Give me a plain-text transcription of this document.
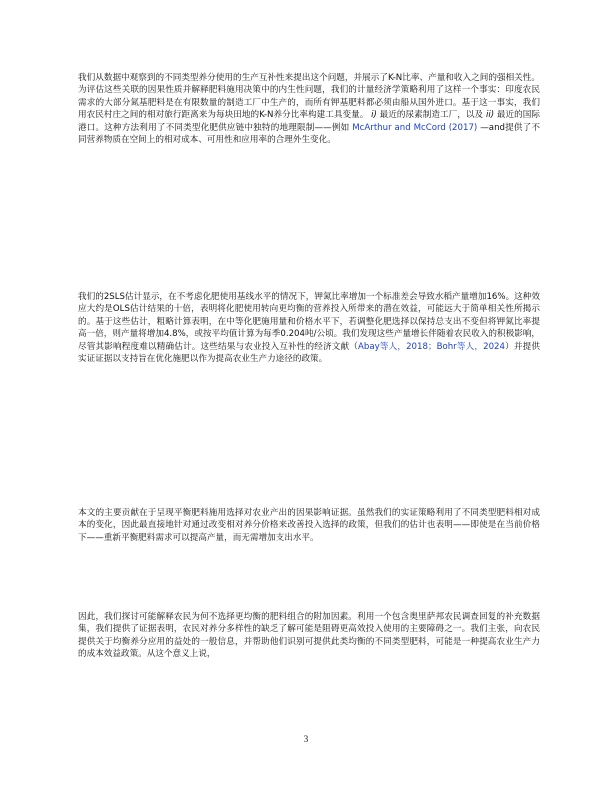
我们从数据中观察到的不同类型养分使用的生产互补性来提出这个问题，并展示了K-N比率、产量和收入之间的强相关性。为评估这些关联的因果性质并解释肥料施用决策中的内生性问题，我们的计量经济学策略利用了这样一个事实：印度农民需求的大部分氮基肥料是在有限数量的制造工厂中生产的，而所有钾基肥料都必须由船从国外进口。基于这一事实，我们用农民村庄之间的相对旅行距离来为每块田地的K-N养分比率构建工具变量。 i) 最近的尿素制造工厂，以及 ii) 最近的国际港口。这种方法利用了不同类型化肥供应链中独特的地理限制——例如 McArthur and McCord (2017) —and提供了不同营养物质在空间上的相对成本、可用性和应用率的合理外生变化。

我们的2SLS估计显示，在不考虑化肥使用基线水平的情况下，钾氮比率增加一个标准差会导致水稻产量增加16%。这种效应大约是OLS估计结果的十倍，表明将化肥使用转向更均衡的营养投入所带来的潜在效益，可能远大于简单相关性所揭示的。基于这些估计，粗略计算表明，在中等化肥施用量和价格水平下，若调整化肥选择以保持总支出不变但将钾氮比率提高一倍，则产量将增加4.8%，或按平均值计算为每季0.204吨/公顷。我们发现这些产量增长伴随着农民收入的积极影响，尽管其影响程度难以精确估计。这些结果与农业投入互补性的经济文献（Abay等人，2018；Bohr等人，2024）并提供实证证据以支持旨在优化施肥以作为提高农业生产力途径的政策。

本文的主要贡献在于呈现平衡肥料施用选择对农业产出的因果影响证据。虽然我们的实证策略利用了不同类型肥料相对成本的变化，因此最直接地针对通过改变相对养分价格来改善投入选择的政策，但我们的估计也表明——即使是在当前价格下——重新平衡肥料需求可以提高产量，而无需增加支出水平。

因此，我们探讨可能解释农民为何不选择更均衡的肥料组合的附加因素。利用一个包含奥里萨邦农民调查回复的补充数据集，我们提供了证据表明，农民对养分多样性的缺乏了解可能是阻碍更高效投入使用的主要障碍之一。我们主张，向农民提供关于均衡养分应用的益处的一般信息，并帮助他们识别可提供此类均衡的不同类型肥料，可能是一种提高农业生产力的成本效益政策。从这个意义上说，

3
